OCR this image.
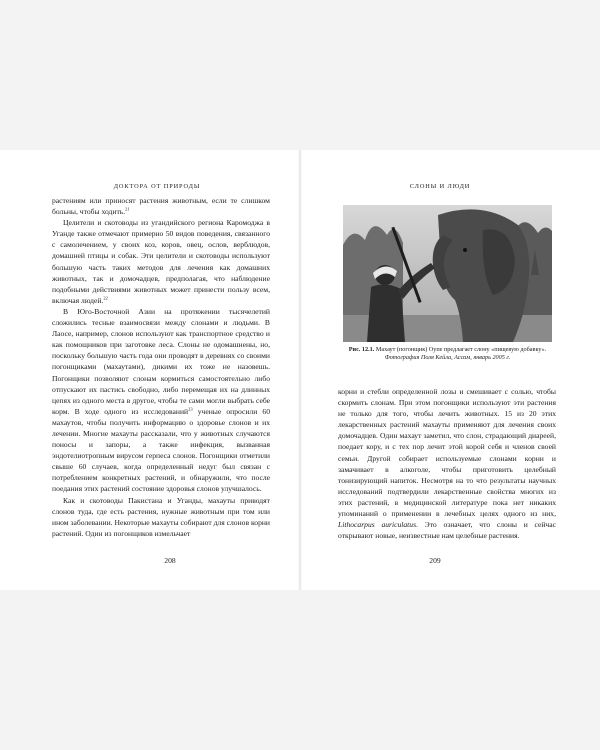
ДОКТОРА ОТ ПРИРОДЫ

растениям или приносят растения животным, если те слишком больны, чтобы ходить.$^{21}$

Целители и скотоводы из угандийского региона Каромоджа в Уганде также отмечают примерно 50 видов поведения, связанного с самолечением, у своих коз, коров, овец, ослов, верблюдов, домашней птицы и собак. Эти целители и скотоводы используют большую часть таких методов для лечения как домашних животных, так и домочадцев, предполагая, что наблюдение подобными действиями животных может принести пользу всем, включая людей.$^{22}$

В Юго-Восточной Азии на протяжении тысячелетий сложились тесные взаимосвязи между слонами и людьми. В Лаосе, например, слонов используют как транспортное средство и как помощников при заготовке леса. Слоны не одомашнены, но, поскольку большую часть года они проводят в деревнях со своими погонщиками (махаутами), дикими их тоже не назовешь. Погонщики позволяют слонам кормиться самостоятельно либо отпускают их пастись свободно, либо перемещая их на длинных цепях из одного места в другое, чтобы те сами могли выбрать себе корм. В ходе одного из исследований$^{23}$ ученые опросили 60 махаутов, чтобы получить информацию о здоровье слонов и их лечении. Многие махауты рассказали, что у животных случаются поносы и запоры, а также инфекция, вызванная эндотелиотропным вирусом герпеса слонов. Погонщики отметили свыше 60 случаев, когда определенный недуг был связан с потреблением конкретных растений, и обнаружили, что после поедания этих растений состояние здоровья слонов улучшалось.

Как и скотоводы Пакистана и Уганды, махауты приводят слонов туда, где есть растения, нужные животным при том или ином заболевании. Некоторые махауты собирают для слонов корни растений. Один из погонщиков измельчает

208
СЛОНЫ И ЛЮДИ
Рис. 12.1. Махаут (погонщик) Оупе предлагает слону «пищевую добавку».
Фотография Поля Кейла, Ассам, январь 2005 г.

корни и стебли определенной лозы и смешивает с солью, чтобы скормить слонам. При этом погонщики используют эти растения не только для того, чтобы лечить животных. 15 из 20 этих лекарственных растений махауты применяют для лечения своих домочадцев. Один махаут заметил, что слон, страдающий диареей, поедает кору, и с тех пор лечит этой корой себя и членов своей семьи. Другой собирает используемые слонами корни и замачивает в алкоголе, чтобы приготовить целебный тонизирующий напиток. Несмотря на то что результаты научных исследований подтвердили лекарственные свойства многих из этих растений, в медицинской литературе пока нет никаких упоминаний о применении в лечебных целях одного из них, Lithocarpus auriculatus. Это означает, что слоны и сейчас открывают новые, неизвестные нам целебные растения.

209
